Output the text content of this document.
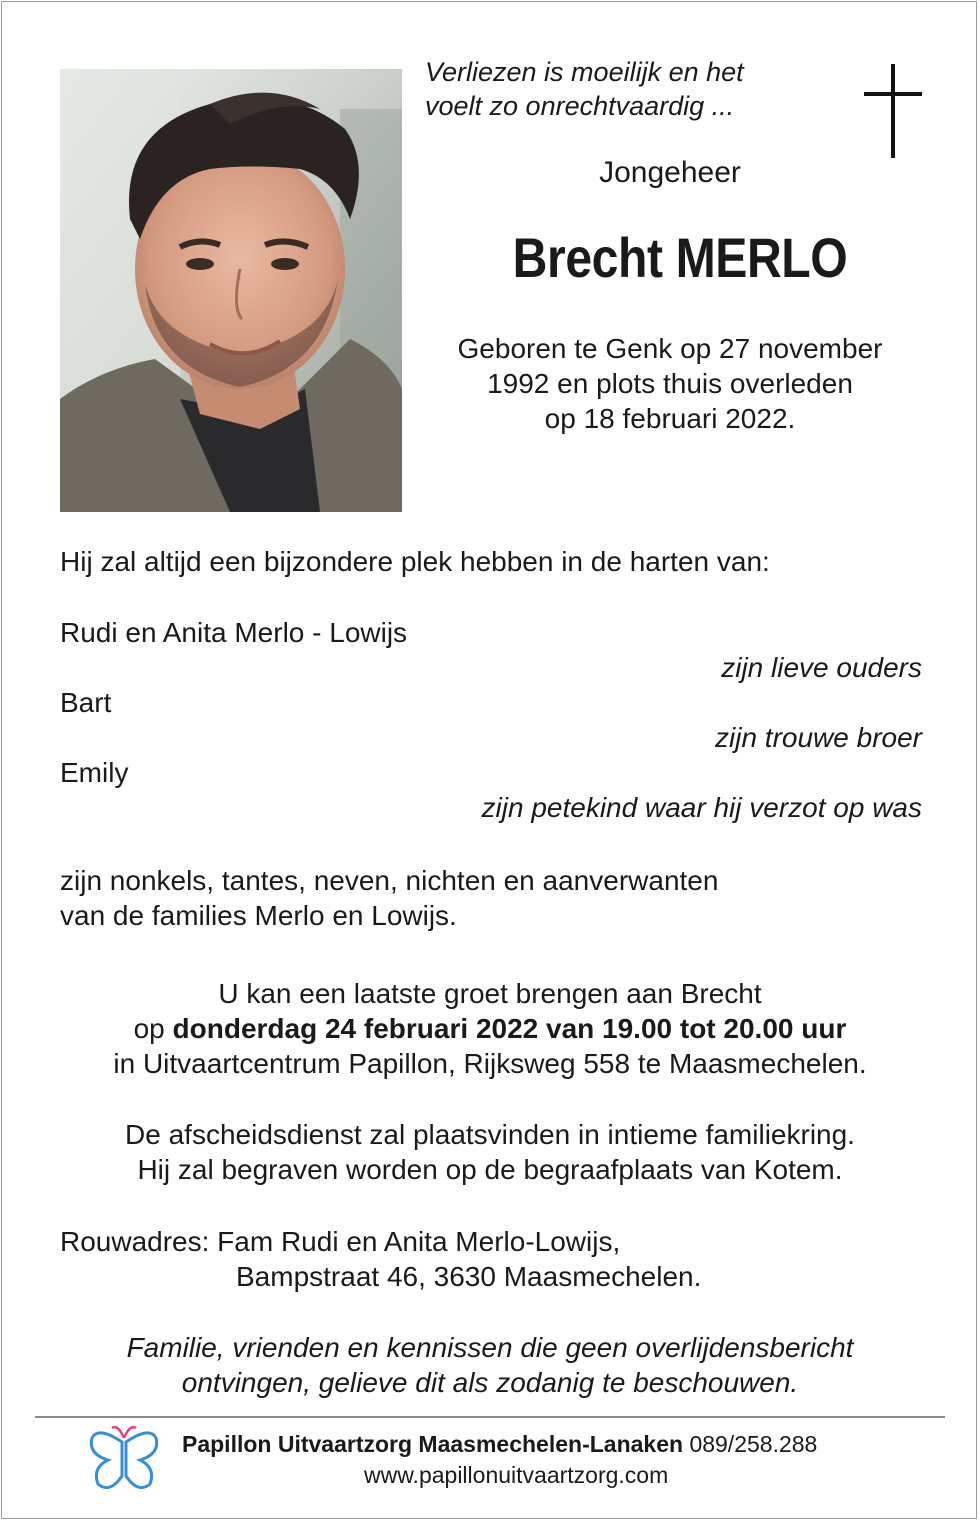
Verliezen is moeilijk en het
voelt zo onrechtvaardig ...
Jongeheer
Brecht MERLO
Geboren te Genk op 27 november
1992 en plots thuis overleden
op 18 februari 2022.
Hij zal altijd een bijzondere plek hebben in de harten van:
Rudi en Anita Merlo - Lowijs
zijn lieve ouders
Bart
zijn trouwe broer
Emily
zijn petekind waar hij verzot op was
zijn nonkels, tantes, neven, nichten en aanverwanten
van de families Merlo en Lowijs.
U kan een laatste groet brengen aan Brecht
op donderdag 24 februari 2022 van 19.00 tot 20.00 uur
in Uitvaartcentrum Papillon, Rijksweg 558 te Maasmechelen.
De afscheidsdienst zal plaatsvinden in intieme familiekring.
Hij zal begraven worden op de begraafplaats van Kotem.
Rouwadres: Fam Rudi en Anita Merlo-Lowijs,
Bampstraat 46, 3630 Maasmechelen.
Familie, vrienden en kennissen die geen overlijdensbericht
ontvingen, gelieve dit als zodanig te beschouwen.
Papillon Uitvaartzorg Maasmechelen-Lanaken 089/258.288
www.papillonuitvaartzorg.com
